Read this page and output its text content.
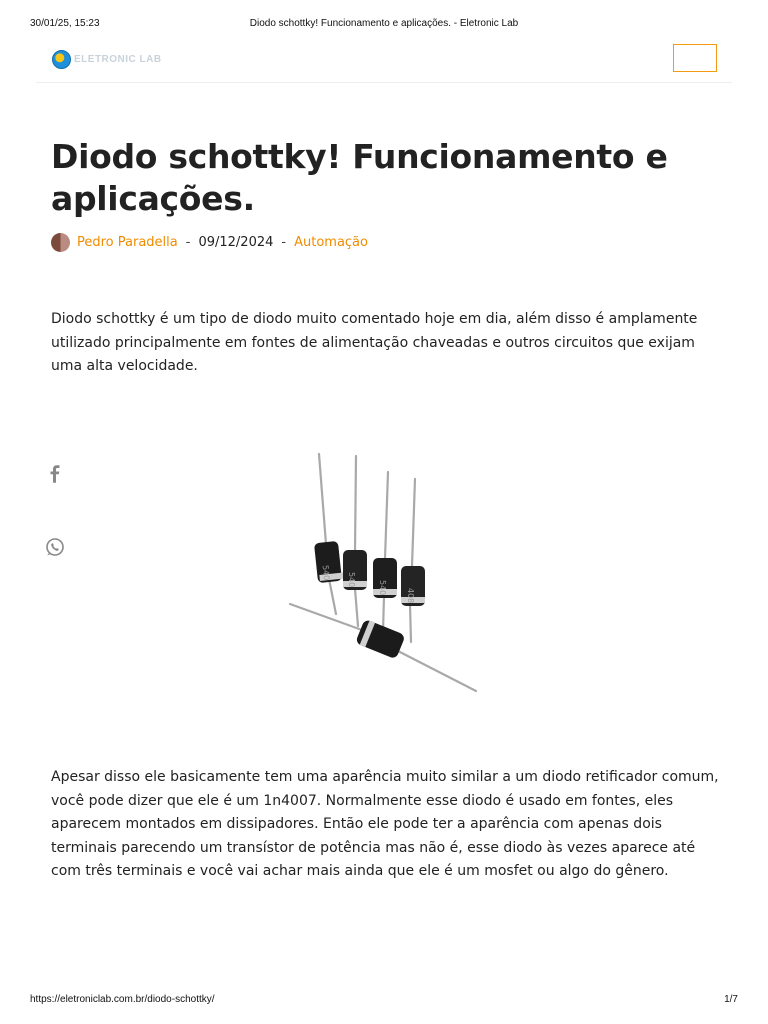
30/01/25, 15:23	Diodo schottky! Funcionamento e aplicações. - Eletronic Lab
ELETRONIC LAB
Diodo schottky! Funcionamento e aplicações.
Pedro Paradella - 09/12/2024 - Automação

Diodo schottky é um tipo de diodo muito comentado hoje em dia, além disso é amplamente utilizado principalmente em fontes de alimentação chaveadas e outros circuitos que exijam uma alta velocidade.

540 540
540
408

Apesar disso ele basicamente tem uma aparência muito similar a um diodo retificador comum, você pode dizer que ele é um 1n4007. Normalmente esse diodo é usado em fontes, eles aparecem montados em dissipadores. Então ele pode ter a aparência com apenas dois terminais parecendo um transístor de potência mas não é, esse diodo às vezes aparece até com três terminais e você vai achar mais ainda que ele é um mosfet ou algo do gênero.

https://eletroniclab.com.br/diodo-schottky/	1/7
